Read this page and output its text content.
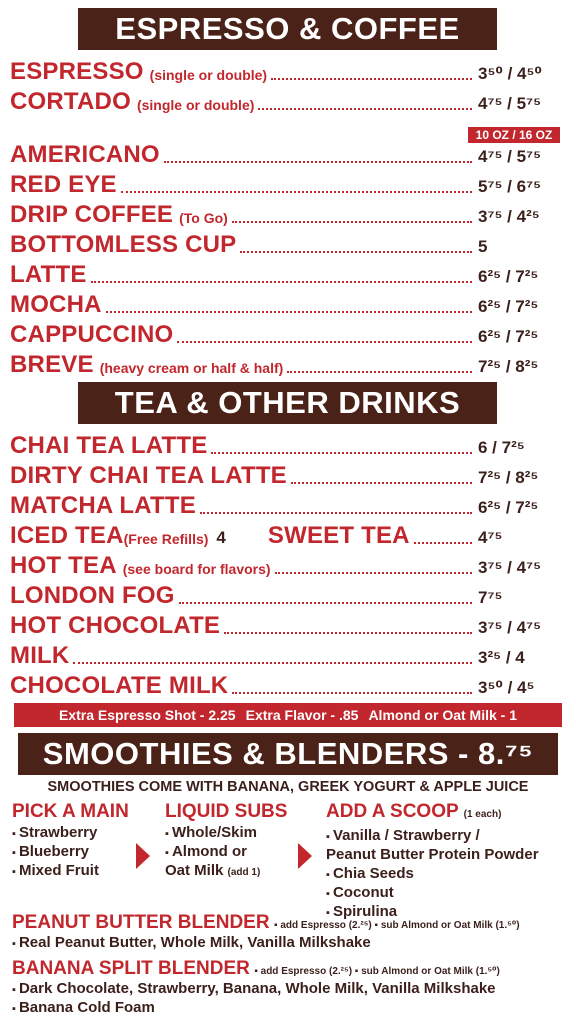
ESPRESSO & COFFEE
ESPRESSO (single or double)	3⁵⁰ / 4⁵⁰
CORTADO (single or double)	4⁷⁵ / 5⁷⁵
10 OZ / 16 OZ
AMERICANO	4⁷⁵ / 5⁷⁵
RED EYE	5⁷⁵ / 6⁷⁵
DRIP COFFEE (To Go)	3⁷⁵ / 4²⁵
BOTTOMLESS CUP	5
LATTE	6²⁵ / 7²⁵
MOCHA	6²⁵ / 7²⁵
CAPPUCCINO	6²⁵ / 7²⁵
BREVE (heavy cream or half & half)	7²⁵ / 8²⁵
TEA & OTHER DRINKS
CHAI TEA LATTE	6 / 7²⁵
DIRTY CHAI TEA LATTE	7²⁵ / 8²⁵
MATCHA LATTE	6²⁵ / 7²⁵
ICED TEA (Free Refills) 4 SWEET TEA	4⁷⁵
HOT TEA (see board for flavors)	3⁷⁵ / 4⁷⁵
LONDON FOG	7⁷⁵
HOT CHOCOLATE	3⁷⁵ / 4⁷⁵
MILK	3²⁵ / 4
CHOCOLATE MILK	3⁵⁰ / 4⁵
Extra Espresso Shot - 2.25 Extra Flavor - .85 Almond or Oat Milk - 1
SMOOTHIES & BLENDERS - 8.⁷⁵
SMOOTHIES COME WITH BANANA, GREEK YOGURT & APPLE JUICE
PICK A MAIN
▪ Strawberry
▪ Blueberry
▪ Mixed Fruit
LIQUID SUBS
▪ Whole/Skim
▪ Almond or
Oat Milk (add 1)
ADD A SCOOP (1 each)
▪ Vanilla / Strawberry /
Peanut Butter Protein Powder
▪ Chia Seeds
▪ Coconut
▪ Spirulina
PEANUT BUTTER BLENDER ▪ add Espresso (2.²⁵) ▪ sub Almond or Oat Milk (1.⁵⁰)
▪ Real Peanut Butter, Whole Milk, Vanilla Milkshake
BANANA SPLIT BLENDER ▪ add Espresso (2.²⁵) ▪ sub Almond or Oat Milk (1.⁵⁰)
▪ Dark Chocolate, Strawberry, Banana, Whole Milk, Vanilla Milkshake
▪ Banana Cold Foam
